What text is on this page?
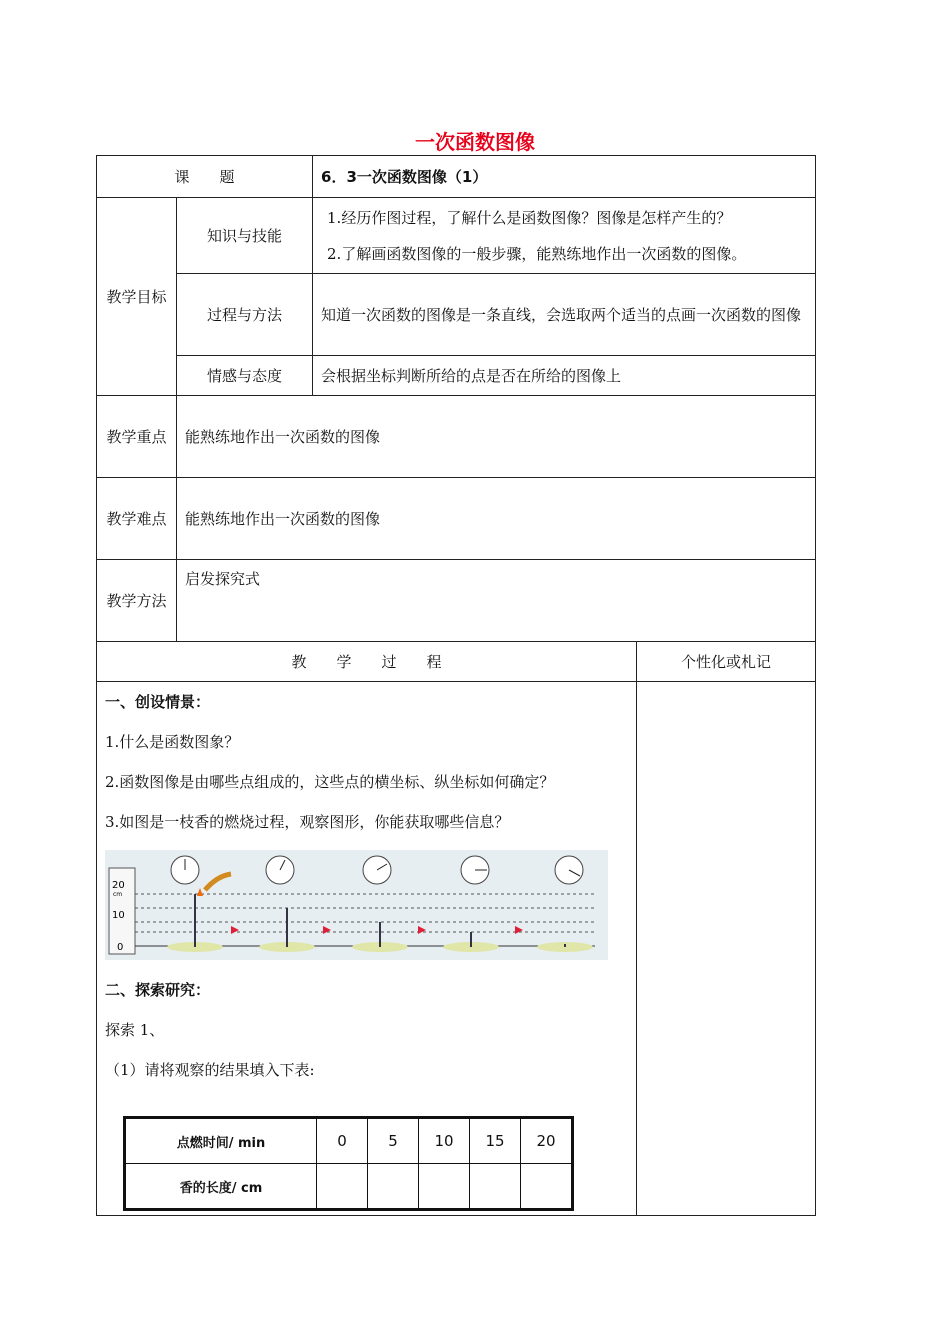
一次函数图像
课　　题	6．3一次函数图像（1）
教学目标	知识与技能	
1.经历作图过程，了解什么是函数图像？图像是怎样产生的？
2.了解画函数图像的一般步骤，能熟练地作出一次函数的图像。

过程与方法	知道一次函数的图像是一条直线，会选取两个适当的点画一次函数的图像
情感与态度	会根据坐标判断所给的点是否在所给的图像上
教学重点	能熟练地作出一次函数的图像
教学难点	能熟练地作出一次函数的图像
教学方法	启发探究式
教　　学　　过　　程	个性化或札记

一、创设情景：

1.什么是函数图象？

2.函数图像是由哪些点组成的，这些点的横坐标、纵坐标如何确定？

3.如图是一枝香的燃烧过程，观察图形，你能获取哪些信息？

20
cm
10
0

二、探索研究：

探索 1、

（1）请将观察的结果填入下表:

点燃时间/ min	0	5	10	15	20
香的长度/ cm					
